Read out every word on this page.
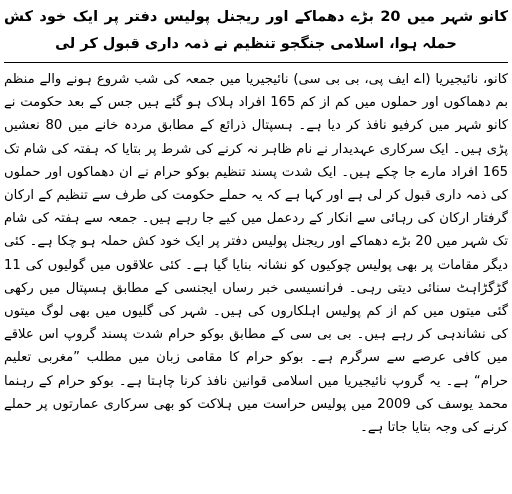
کانو شہر میں 20 بڑے دھماکے اور ریجنل پولیس دفتر پر ایک خود کش حملہ ہوا، اسلامی جنگجو تنظیم نے ذمہ داری قبول کر لی

کانو، نائیجیریا (اے ایف پی، بی بی سی) نائیجیریا میں جمعہ کی شب شروع ہونے والے منظم بم دھماکوں اور حملوں میں کم از کم 165 افراد ہلاک ہو گئے ہیں جس کے بعد حکومت نے کانو شہر میں کرفیو نافذ کر دیا ہے۔ ہسپتال ذرائع کے مطابق مردہ خانے میں 80 نعشیں پڑی ہیں۔ ایک سرکاری عہدیدار نے نام ظاہر نہ کرنے کی شرط پر بتایا کہ ہفتہ کی شام تک 165 افراد مارے جا چکے ہیں۔ ایک شدت پسند تنظیم بوکو حرام نے ان دھماکوں اور حملوں کی ذمہ داری قبول کر لی ہے اور کہا ہے کہ یہ حملے حکومت کی طرف سے تنظیم کے ارکان گرفتار ارکان کی رہائی سے انکار کے ردعمل میں کیے جا رہے ہیں۔ جمعہ سے ہفتہ کی شام تک شہر میں 20 بڑے دھماکے اور ریجنل پولیس دفتر پر ایک خود کش حملہ ہو چکا ہے۔ کئی دیگر مقامات پر بھی پولیس چوکیوں کو نشانہ بنایا گیا ہے۔ کئی علاقوں میں گولیوں کی 11 گڑگڑاہٹ سنائی دیتی رہی۔ فرانسیسی خبر رساں ایجنسی کے مطابق ہسپتال میں رکھی گئی میتوں میں کم از کم پولیس اہلکاروں کی ہیں۔ شہر کی گلیوں میں بھی لوگ میتوں کی نشاندہی کر رہے ہیں۔ بی بی سی کے مطابق بوکو حرام شدت پسند گروپ اس علاقے میں کافی عرصے سے سرگرم ہے۔ بوکو حرام کا مقامی زبان میں مطلب ”مغربی تعلیم حرام“ ہے۔ یہ گروپ نائیجیریا میں اسلامی قوانین نافذ کرنا چاہتا ہے۔ بوکو حرام کے رہنما محمد یوسف کی 2009 میں پولیس حراست میں ہلاکت کو بھی سرکاری عمارتوں پر حملے کرنے کی وجہ بتایا جاتا ہے۔
